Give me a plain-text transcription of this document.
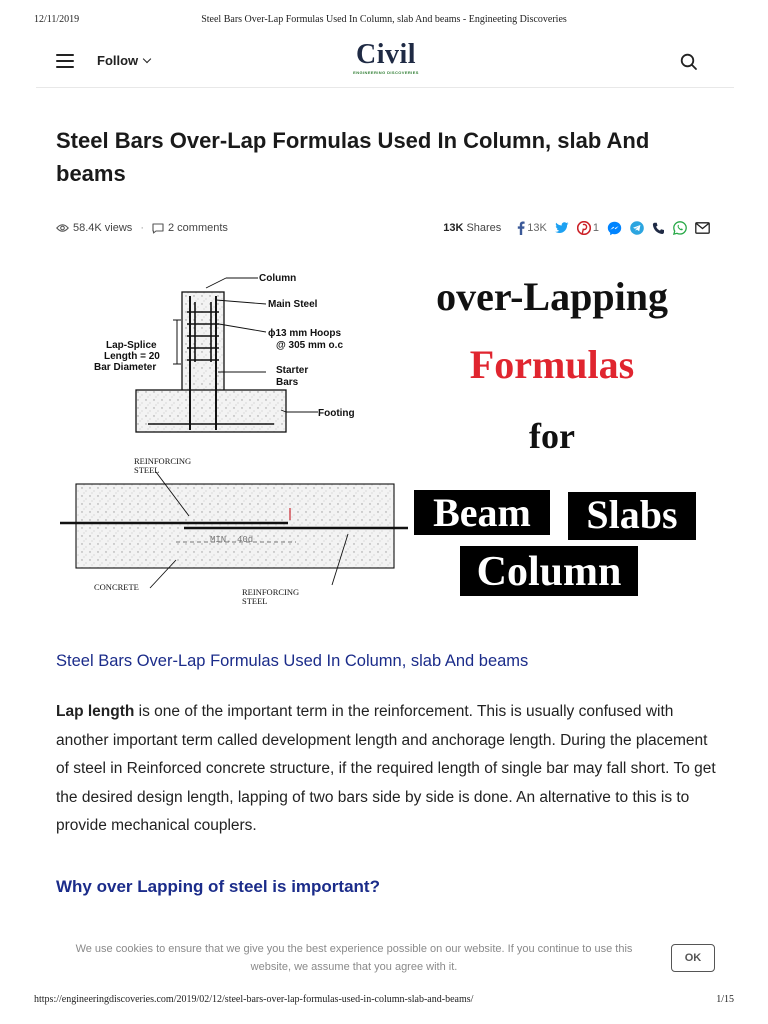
12/11/2019	Steel Bars Over-Lap Formulas Used In Column, slab And beams - Engineeting Discoveries
Follow	Civil
ENGINEERING DISCOVERIES
Steel Bars Over-Lap Formulas Used In Column, slab And beams
58.4K views · 2 comments	13K Shares 13K	1
Column
Main Steel
ϕ13 mm Hoops
@ 305 mm o.c
Lap-Splice
Length = 20
Bar Diameter	Starter
Bars
Footing
MIN. 40d
REINFORCING
STEEL
CONCRETE	REINFORCING
STEEL
over-Lapping
Formulas
for
Beam Slabs
Column
Steel Bars Over-Lap Formulas Used In Column, slab And beams

Lap length is one of the important term in the reinforcement. This is usually confused with another important term called development length and anchorage length. During the placement of steel in Reinforced concrete structure, if the required length of single bar may fall short. To get the desired design length, lapping of two bars side by side is done. An alternative to this is to provide mechanical couplers.

Why over Lapping of steel is important?
We use cookies to ensure that we give you the best experience possible on our website. If you continue to use this website, we assume that you agree with it.
OK
https://engineeringdiscoveries.com/2019/02/12/steel-bars-over-lap-formulas-used-in-column-slab-and-beams/	1/15
